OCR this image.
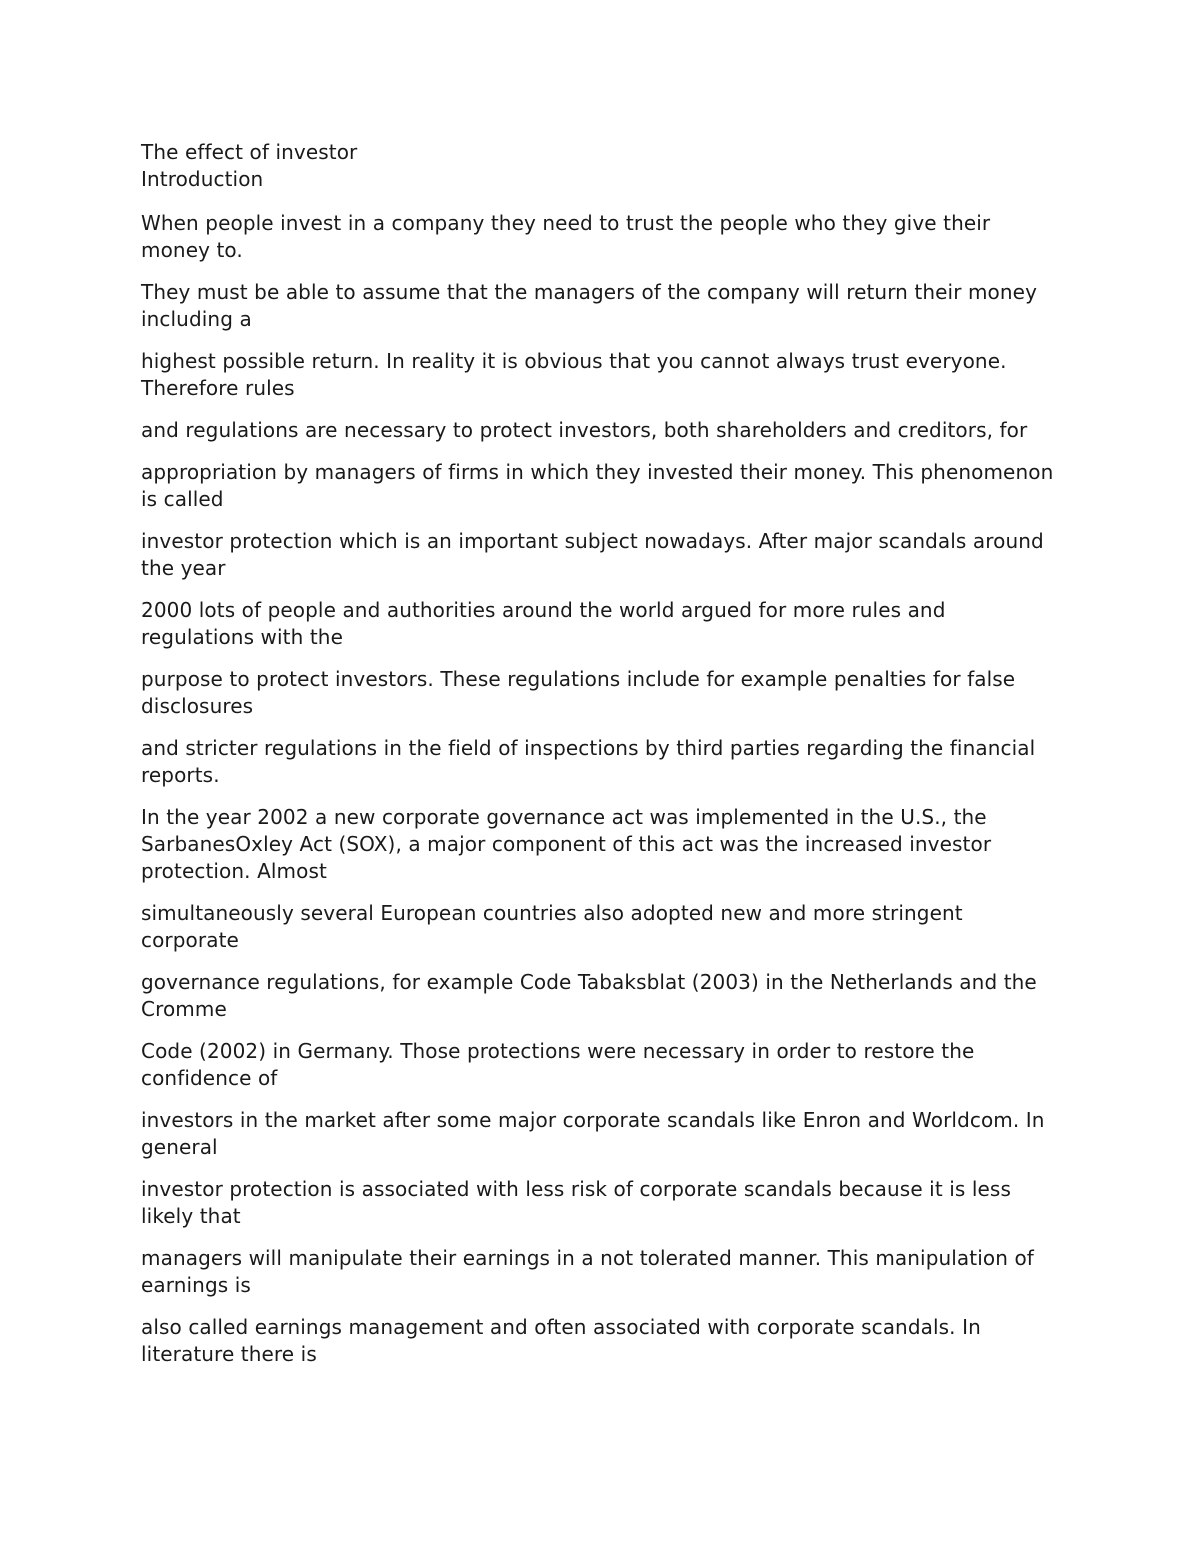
The effect of investor

Introduction

When people invest in a company they need to trust the people who they give their money to.

They must be able to assume that the managers of the company will return their money including a

highest possible return. In reality it is obvious that you cannot always trust everyone. Therefore rules

and regulations are necessary to protect investors, both shareholders and creditors, for

appropriation by managers of firms in which they invested their money. This phenomenon is called

investor protection which is an important subject nowadays. After major scandals around the year

2000 lots of people and authorities around the world argued for more rules and regulations with the

purpose to protect investors. These regulations include for example penalties for false disclosures

and stricter regulations in the field of inspections by third parties regarding the financial reports.

In the year 2002 a new corporate governance act was implemented in the U.S., the SarbanesOxley Act (SOX), a major component of this act was the increased investor protection. Almost

simultaneously several European countries also adopted new and more stringent corporate

governance regulations, for example Code Tabaksblat (2003) in the Netherlands and the Cromme

Code (2002) in Germany. Those protections were necessary in order to restore the confidence of

investors in the market after some major corporate scandals like Enron and Worldcom. In general

investor protection is associated with less risk of corporate scandals because it is less likely that

managers will manipulate their earnings in a not tolerated manner. This manipulation of earnings is

also called earnings management and often associated with corporate scandals. In literature there is
